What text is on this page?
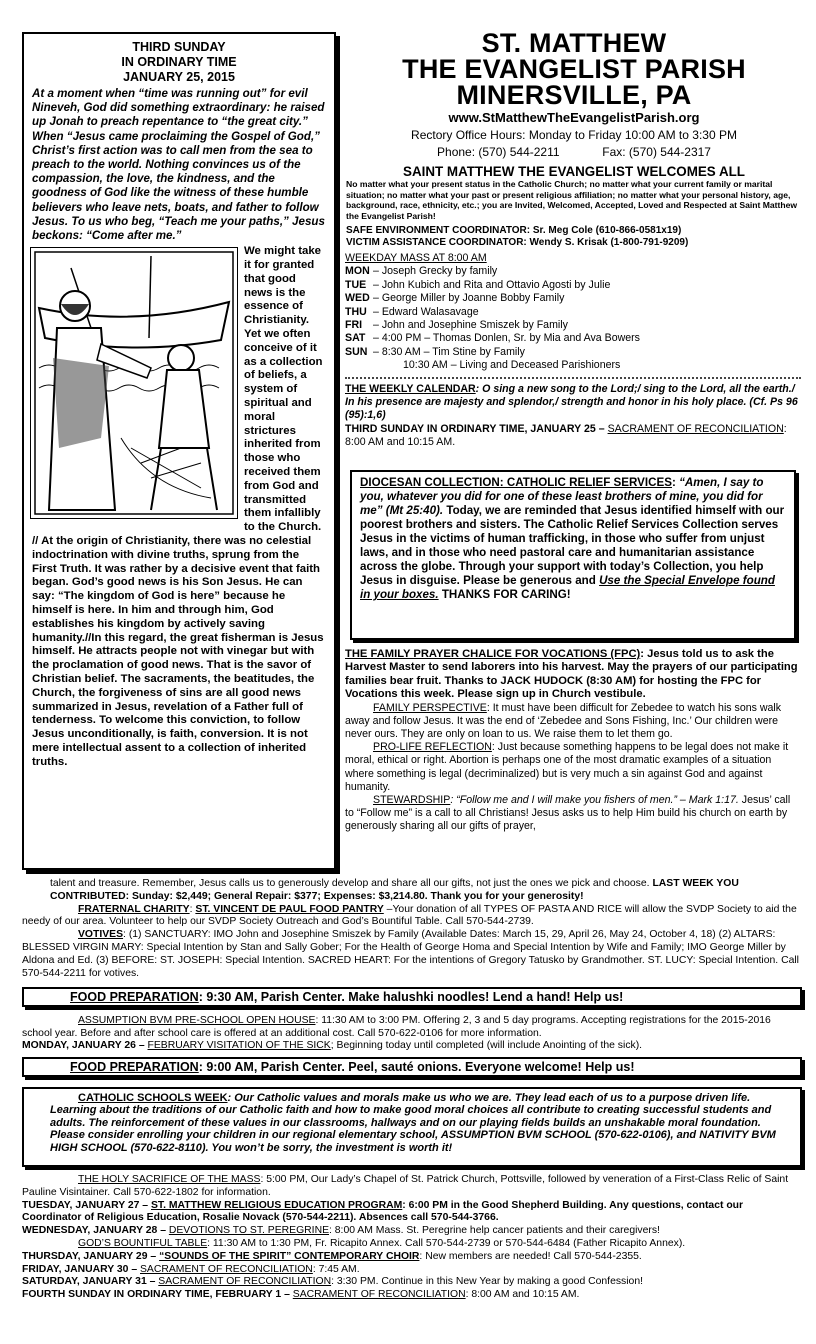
THIRD SUNDAY
IN ORDINARY TIME
JANUARY 25, 2015
At a moment when “time was running out” for evil Nineveh, God did something extraordinary: he raised up Jonah to preach repentance to “the great city.” When “Jesus came proclaiming the Gospel of God,” Christ’s first action was to call men from the sea to preach to the world. Nothing convinces us of the compassion, the love, the kindness, and the goodness of God like the witness of these humble believers who leave nets, boats, and father to follow Jesus. To us who beg, “Teach me your paths,” Jesus beckons: “Come after me.”
We might take it for granted that good news is the essence of Christianity. Yet we often conceive of it as a collection of beliefs, a system of spiritual and moral strictures inherited from those who received them from God and transmitted them infallibly to the Church. // At the origin of Christianity, there was no celestial indoctrination with divine truths, sprung from the First Truth. It was rather by a decisive event that faith began. God’s good news is his Son Jesus. He can say: “The kingdom of God is here” because he himself is here. In him and through him, God establishes his kingdom by actively saving humanity.//In this regard, the great fisherman is Jesus himself. He attracts people not with vinegar but with the proclamation of good news. That is the savor of Christian belief. The sacraments, the beatitudes, the Church, the forgiveness of sins are all good news summarized in Jesus, revelation of a Father full of tenderness. To welcome this conviction, to follow Jesus unconditionally, is faith, conversion. It is not mere intellectual assent to a collection of inherited truths.
ST. MATTHEW
THE EVANGELIST PARISH
MINERSVILLE, PA
www.StMatthewTheEvangelistParish.org
Rectory Office Hours: Monday to Friday 10:00 AM to 3:30 PM
Phone: (570) 544-2211	Fax: (570) 544-2317
SAINT MATTHEW THE EVANGELIST WELCOMES ALL
No matter what your present status in the Catholic Church; no matter what your current family or marital situation; no matter what your past or present religious affiliation; no matter what your personal history, age, background, race, ethnicity, etc.; you are Invited, Welcomed, Accepted, Loved and Respected at Saint Matthew the Evangelist Parish!
SAFE ENVIRONMENT COORDINATOR: Sr. Meg Cole (610-866-0581x19)
VICTIM ASSISTANCE COORDINATOR: Wendy S. Krisak (1-800-791-9209)
WEEKDAY MASS AT 8:00 AM
MON – Joseph Grecky by family
TUE – John Kubich and Rita and Ottavio Agosti by Julie
WED – George Miller by Joanne Bobby Family
THU – Edward Walasavage
FRI	– John and Josephine Smiszek by Family
SAT – 4:00 PM – Thomas Donlen, Sr. by Mia and Ava Bowers
SUN – 8:30 AM – Tim Stine by Family
10:30 AM – Living and Deceased Parishioners
THE WEEKLY CALENDAR: O sing a new song to the Lord;/ sing to the Lord, all the earth./ In his presence are majesty and splendor,/ strength and honor in his holy place. (Cf. Ps 96 (95):1,6)
THIRD SUNDAY IN ORDINARY TIME, JANUARY 25 – SACRAMENT OF RECONCILIATION: 8:00 AM and 10:15 AM.
DIOCESAN COLLECTION: CATHOLIC RELIEF SERVICES: “Amen, I say to you, whatever you did for one of these least brothers of mine, you did for me” (Mt 25:40). Today, we are reminded that Jesus identified himself with our poorest brothers and sisters. The Catholic Relief Services Collection serves Jesus in the victims of human trafficking, in those who suffer from unjust laws, and in those who need pastoral care and humanitarian assistance across the globe. Through your support with today’s Collection, you help Jesus in disguise. Please be generous and Use the Special Envelope found in your boxes. THANKS FOR CARING!
THE FAMILY PRAYER CHALICE FOR VOCATIONS (FPC): Jesus told us to ask the Harvest Master to send laborers into his harvest. May the prayers of our participating families bear fruit. Thanks to JACK HUDOCK (8:30 AM) for hosting the FPC for Vocations this week. Please sign up in Church vestibule.
FAMILY PERSPECTIVE: It must have been difficult for Zebedee to watch his sons walk away and follow Jesus. It was the end of ‘Zebedee and Sons Fishing, Inc.’ Our children were never ours. They are only on loan to us. We raise them to let them go.
PRO-LIFE REFLECTION: Just because something happens to be legal does not make it moral, ethical or right. Abortion is perhaps one of the most dramatic examples of a situation where something is legal (decriminalized) but is very much a sin against God and against humanity.
STEWARDSHIP: “Follow me and I will make you fishers of men.” – Mark 1:17. Jesus’ call to “Follow me” is a call to all Christians! Jesus asks us to help Him build his church on earth by generously sharing all our gifts of prayer,
talent and treasure. Remember, Jesus calls us to generously develop and share all our gifts, not just the ones we pick and choose. LAST WEEK YOU CONTRIBUTED: Sunday: $2,449; General Repair: $377; Expenses: $3,214.80. Thank you for your generosity!
FRATERNAL CHARITY: ST. VINCENT DE PAUL FOOD PANTRY –Your donation of all TYPES OF PASTA AND RICE will allow the SVDP Society to aid the needy of our area. Volunteer to help our SVDP Society Outreach and God’s Bountiful Table. Call 570-544-2739.
VOTIVES: (1) SANCTUARY: IMO John and Josephine Smiszek by Family (Available Dates: March 15, 29, April 26, May 24, October 4, 18) (2) ALTARS: BLESSED VIRGIN MARY: Special Intention by Stan and Sally Gober; For the Health of George Homa and Special Intention by Wife and Family; IMO George Miller by Aldona and Ed. (3) BEFORE: ST. JOSEPH: Special Intention. SACRED HEART: For the intentions of Gregory Tatusko by Grandmother. ST. LUCY: Special Intention. Call 570-544-2211 for votives.
FOOD PREPARATION: 9:30 AM, Parish Center. Make halushki noodles! Lend a hand! Help us!
ASSUMPTION BVM PRE-SCHOOL OPEN HOUSE: 11:30 AM to 3:00 PM. Offering 2, 3 and 5 day programs. Accepting registrations for the 2015-2016 school year. Before and after school care is offered at an additional cost. Call 570-622-0106 for more information.
MONDAY, JANUARY 26 – FEBRUARY VISITATION OF THE SICK; Beginning today until completed (will include Anointing of the sick).
FOOD PREPARATION: 9:00 AM, Parish Center. Peel, sauté onions. Everyone welcome! Help us!
CATHOLIC SCHOOLS WEEK: Our Catholic values and morals make us who we are. They lead each of us to a purpose driven life. Learning about the traditions of our Catholic faith and how to make good moral choices all contribute to creating successful students and adults. The reinforcement of these values in our classrooms, hallways and on our playing fields builds an unshakable moral foundation. Please consider enrolling your children in our regional elementary school, ASSUMPTION BVM SCHOOL (570-622-0106), and NATIVITY BVM HIGH SCHOOL (570-622-8110). You won’t be sorry, the investment is worth it!
THE HOLY SACRIFICE OF THE MASS: 5:00 PM, Our Lady’s Chapel of St. Patrick Church, Pottsville, followed by veneration of a First-Class Relic of Saint Pauline Visintainer. Call 570-622-1802 for information.
TUESDAY, JANUARY 27 – ST. MATTHEW RELIGIOUS EDUCATION PROGRAM: 6:00 PM in the Good Shepherd Building. Any questions, contact our Coordinator of Religious Education, Rosalie Novack (570-544-2211). Absences call 570-544-3766.
WEDNESDAY, JANUARY 28 – DEVOTIONS TO ST. PEREGRINE: 8:00 AM Mass. St. Peregrine help cancer patients and their caregivers!
GOD’S BOUNTIFUL TABLE: 11:30 AM to 1:30 PM, Fr. Ricapito Annex. Call 570-544-2739 or 570-544-6484 (Father Ricapito Annex).
THURSDAY, JANUARY 29 – “SOUNDS OF THE SPIRIT” CONTEMPORARY CHOIR: New members are needed! Call 570-544-2355.
FRIDAY, JANUARY 30 – SACRAMENT OF RECONCILIATION: 7:45 AM.
SATURDAY, JANUARY 31 – SACRAMENT OF RECONCILIATION: 3:30 PM. Continue in this New Year by making a good Confession!
FOURTH SUNDAY IN ORDINARY TIME, FEBRUARY 1 – SACRAMENT OF RECONCILIATION: 8:00 AM and 10:15 AM.
